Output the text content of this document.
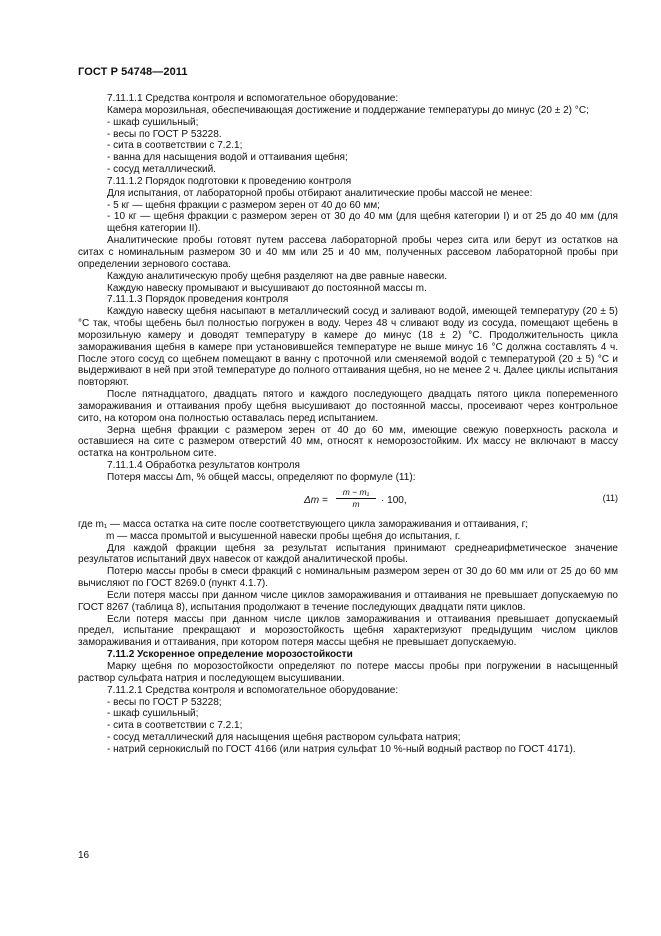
ГОСТ Р 54748—2011

7.11.1.1 Средства контроля и вспомогательное оборудование:

Камера морозильная, обеспечивающая достижение и поддержание температуры до минус (20 ± 2) °С;

- шкаф сушильный;

- весы по ГОСТ Р 53228.

- сита в соответствии с 7.2.1;

- ванна для насыщения водой и оттаивания щебня;

- сосуд металлический.

7.11.1.2 Порядок подготовки к проведению контроля

Для испытания, от лабораторной пробы отбирают аналитические пробы массой не менее:

- 5 кг — щебня фракции с размером зерен от 40 до 60 мм;

- 10 кг — щебня фракции с размером зерен от 30 до 40 мм (для щебня категории I) и от 25 до 40 мм (для щебня категории II).

Аналитические пробы готовят путем рассева лабораторной пробы через сита или берут из остатков на ситах с номинальным размером 30 и 40 мм или 25 и 40 мм, полученных рассевом лабораторной пробы при определении зернового состава.

Каждую аналитическую пробу щебня разделяют на две равные навески.

Каждую навеску промывают и высушивают до постоянной массы m.

7.11.1.3 Порядок проведения контроля

Каждую навеску щебня насыпают в металлический сосуд и заливают водой, имеющей температуру (20 ± 5) °С так, чтобы щебень был полностью погружен в воду. Через 48 ч сливают воду из сосуда, помещают щебень в морозильную камеру и доводят температуру в камере до минус (18 ± 2) °С. Продолжительность цикла замораживания щебня в камере при установившейся температуре не выше минус 16 °С должна составлять 4 ч. После этого сосуд со щебнем помещают в ванну с проточной или сменяемой водой с температурой (20 ± 5) °С и выдерживают в ней при этой температуре до полного оттаивания щебня, но не менее 2 ч. Далее циклы испытания повторяют.

После пятнадцатого, двадцать пятого и каждого последующего двадцать пятого цикла попеременного замораживания и оттаивания пробу щебня высушивают до постоянной массы, просеивают через контрольное сито, на котором она полностью оставалась перед испытанием.

Зерна щебня фракции с размером зерен от 40 до 60 мм, имеющие свежую поверхность раскола и оставшиеся на сите с размером отверстий 40 мм, относят к неморозостойким. Их массу не включают в массу остатка на контрольном сите.

7.11.1.4 Обработка результатов контроля

Потеря массы Δm, % общей массы, определяют по формуле (11):

$\Delta m = \frac{\text{m − m₁}}{m} \cdot 100$,	(11)

где m₁ — масса остатка на сите после соответствующего цикла замораживания и оттаивания, г;

m — масса промытой и высушенной навески пробы щебня до испытания, г.

Для каждой фракции щебня за результат испытания принимают среднеарифметическое значение результатов испытаний двух навесок от каждой аналитической пробы.

Потерю массы пробы в смеси фракций с номинальным размером зерен от 30 до 60 мм или от 25 до 60 мм вычисляют по ГОСТ 8269.0 (пункт 4.1.7).

Если потеря массы при данном числе циклов замораживания и оттаивания не превышает допускаемую по ГОСТ 8267 (таблица 8), испытания продолжают в течение последующих двадцати пяти циклов.

Если потеря массы при данном числе циклов замораживания и оттаивания превышает допускаемый предел, испытание прекращают и морозостойкость щебня характеризуют предыдущим числом циклов замораживания и оттаивания, при котором потеря массы щебня не превышает допускаемую.

7.11.2 Ускоренное определение морозостойкости

Марку щебня по морозостойкости определяют по потере массы пробы при погружении в насыщенный раствор сульфата натрия и последующем высушивании.

7.11.2.1 Средства контроля и вспомогательное оборудование:

- весы по ГОСТ Р 53228;

- шкаф сушильный;

- сита в соответствии с 7.2.1;

- сосуд металлический для насыщения щебня раствором сульфата натрия;

- натрий сернокислый по ГОСТ 4166 (или натрия сульфат 10 %-ный водный раствор по ГОСТ 4171).

16
